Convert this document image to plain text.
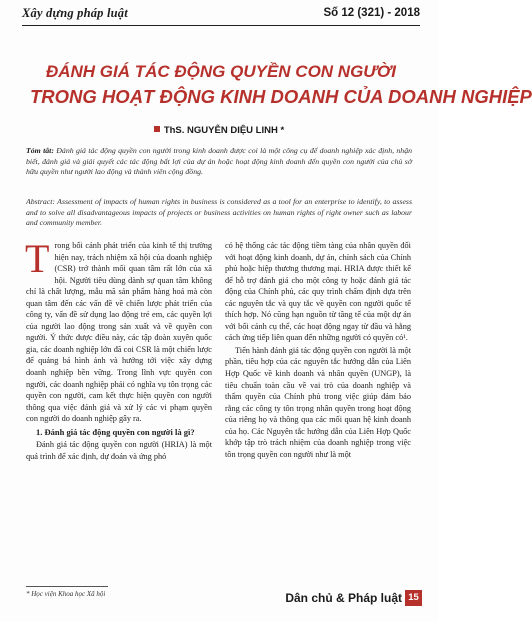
Xây dựng pháp luật	Số 12 (321) - 2018
ĐÁNH GIÁ TÁC ĐỘNG QUYỀN CON NGƯỜI
TRONG HOẠT ĐỘNG KINH DOANH CỦA DOANH NGHIỆP
ThS. NGUYỄN DIỆU LINH *
Tóm tắt: Đánh giá tác động quyền con người trong kinh doanh được coi là một công cụ để doanh nghiệp xác định, nhận biết, đánh giá và giải quyết các tác động bất lợi của dự án hoặc hoạt động kinh doanh đến quyền con người của chủ sở hữu quyền như người lao động và thành viên cộng đồng.
Abstract: Assessment of impacts of human rights in business is considered as a tool for an enterprise to identify, to assess and to solve all disadvantageous impacts of projects or business activities on human rights of right owner such as labour and community member.

Trong bối cảnh phát triển của kinh tế thị trường hiện nay, trách nhiệm xã hội của doanh nghiệp (CSR) trở thành mối quan tâm rất lớn của xã hội. Người tiêu dùng dành sự quan tâm không chỉ là chất lượng, mẫu mã sản phẩm hàng hoá mà còn quan tâm đến các vấn đề về chiến lược phát triển của công ty, vấn đề sử dụng lao động trẻ em, các quyền lợi của người lao động trong sản xuất và về quyền con người. Ý thức được điều này, các tập đoàn xuyên quốc gia, các doanh nghiệp lớn đã coi CSR là một chiến lược để quảng bá hình ảnh và hướng tới việc xây dựng doanh nghiệp bền vững. Trong lĩnh vực quyền con người, các doanh nghiệp phải có nghĩa vụ tôn trọng các quyền con người, cam kết thực hiện quyền con người thông qua việc đánh giá và xử lý các vi phạm quyền con người do doanh nghiệp gây ra.

1. Đánh giá tác động quyền con người là gì?

Đánh giá tác động quyền con người (HRIA) là một quá trình để xác định, dự đoán và ứng phó

có hệ thống các tác động tiềm tàng của nhân quyền đối với hoạt động kinh doanh, dự án, chính sách của Chính phủ hoặc hiệp thương thương mại. HRIA được thiết kế để hỗ trợ đánh giá cho một công ty hoặc đánh giá tác động của Chính phủ, các quy trình chấm định dựa trên các nguyên tắc và quy tắc về quyền con người quốc tế thích hợp. Nó cũng hạn nguồn từ tầng tế của một dự án với bối cảnh cụ thể, các hoạt động ngay từ đầu và hằng cách ứng tiếp liên quan đến những người có quyền có¹.

Tiến hành đánh giá tác động quyền con người là một phần, tiêu hợp của các nguyên tắc hướng dẫn của Liên Hợp Quốc về kinh doanh và nhân quyền (UNGP), là tiêu chuẩn toàn cầu về vai trò của doanh nghiệp và thẩm quyền của Chính phủ trong việc giúp đảm bảo rằng các công ty tôn trọng nhân quyền trong hoạt động của riêng họ và thông qua các mối quan hệ kinh doanh của họ. Các Nguyên tắc hướng dẫn của Liên Hợp Quốc khớp tập trò trách nhiệm của doanh nghiệp trong việc tôn trọng quyền con người như là một

* Học viện Khoa học Xã hội	Dân chủ & Pháp luật 15
